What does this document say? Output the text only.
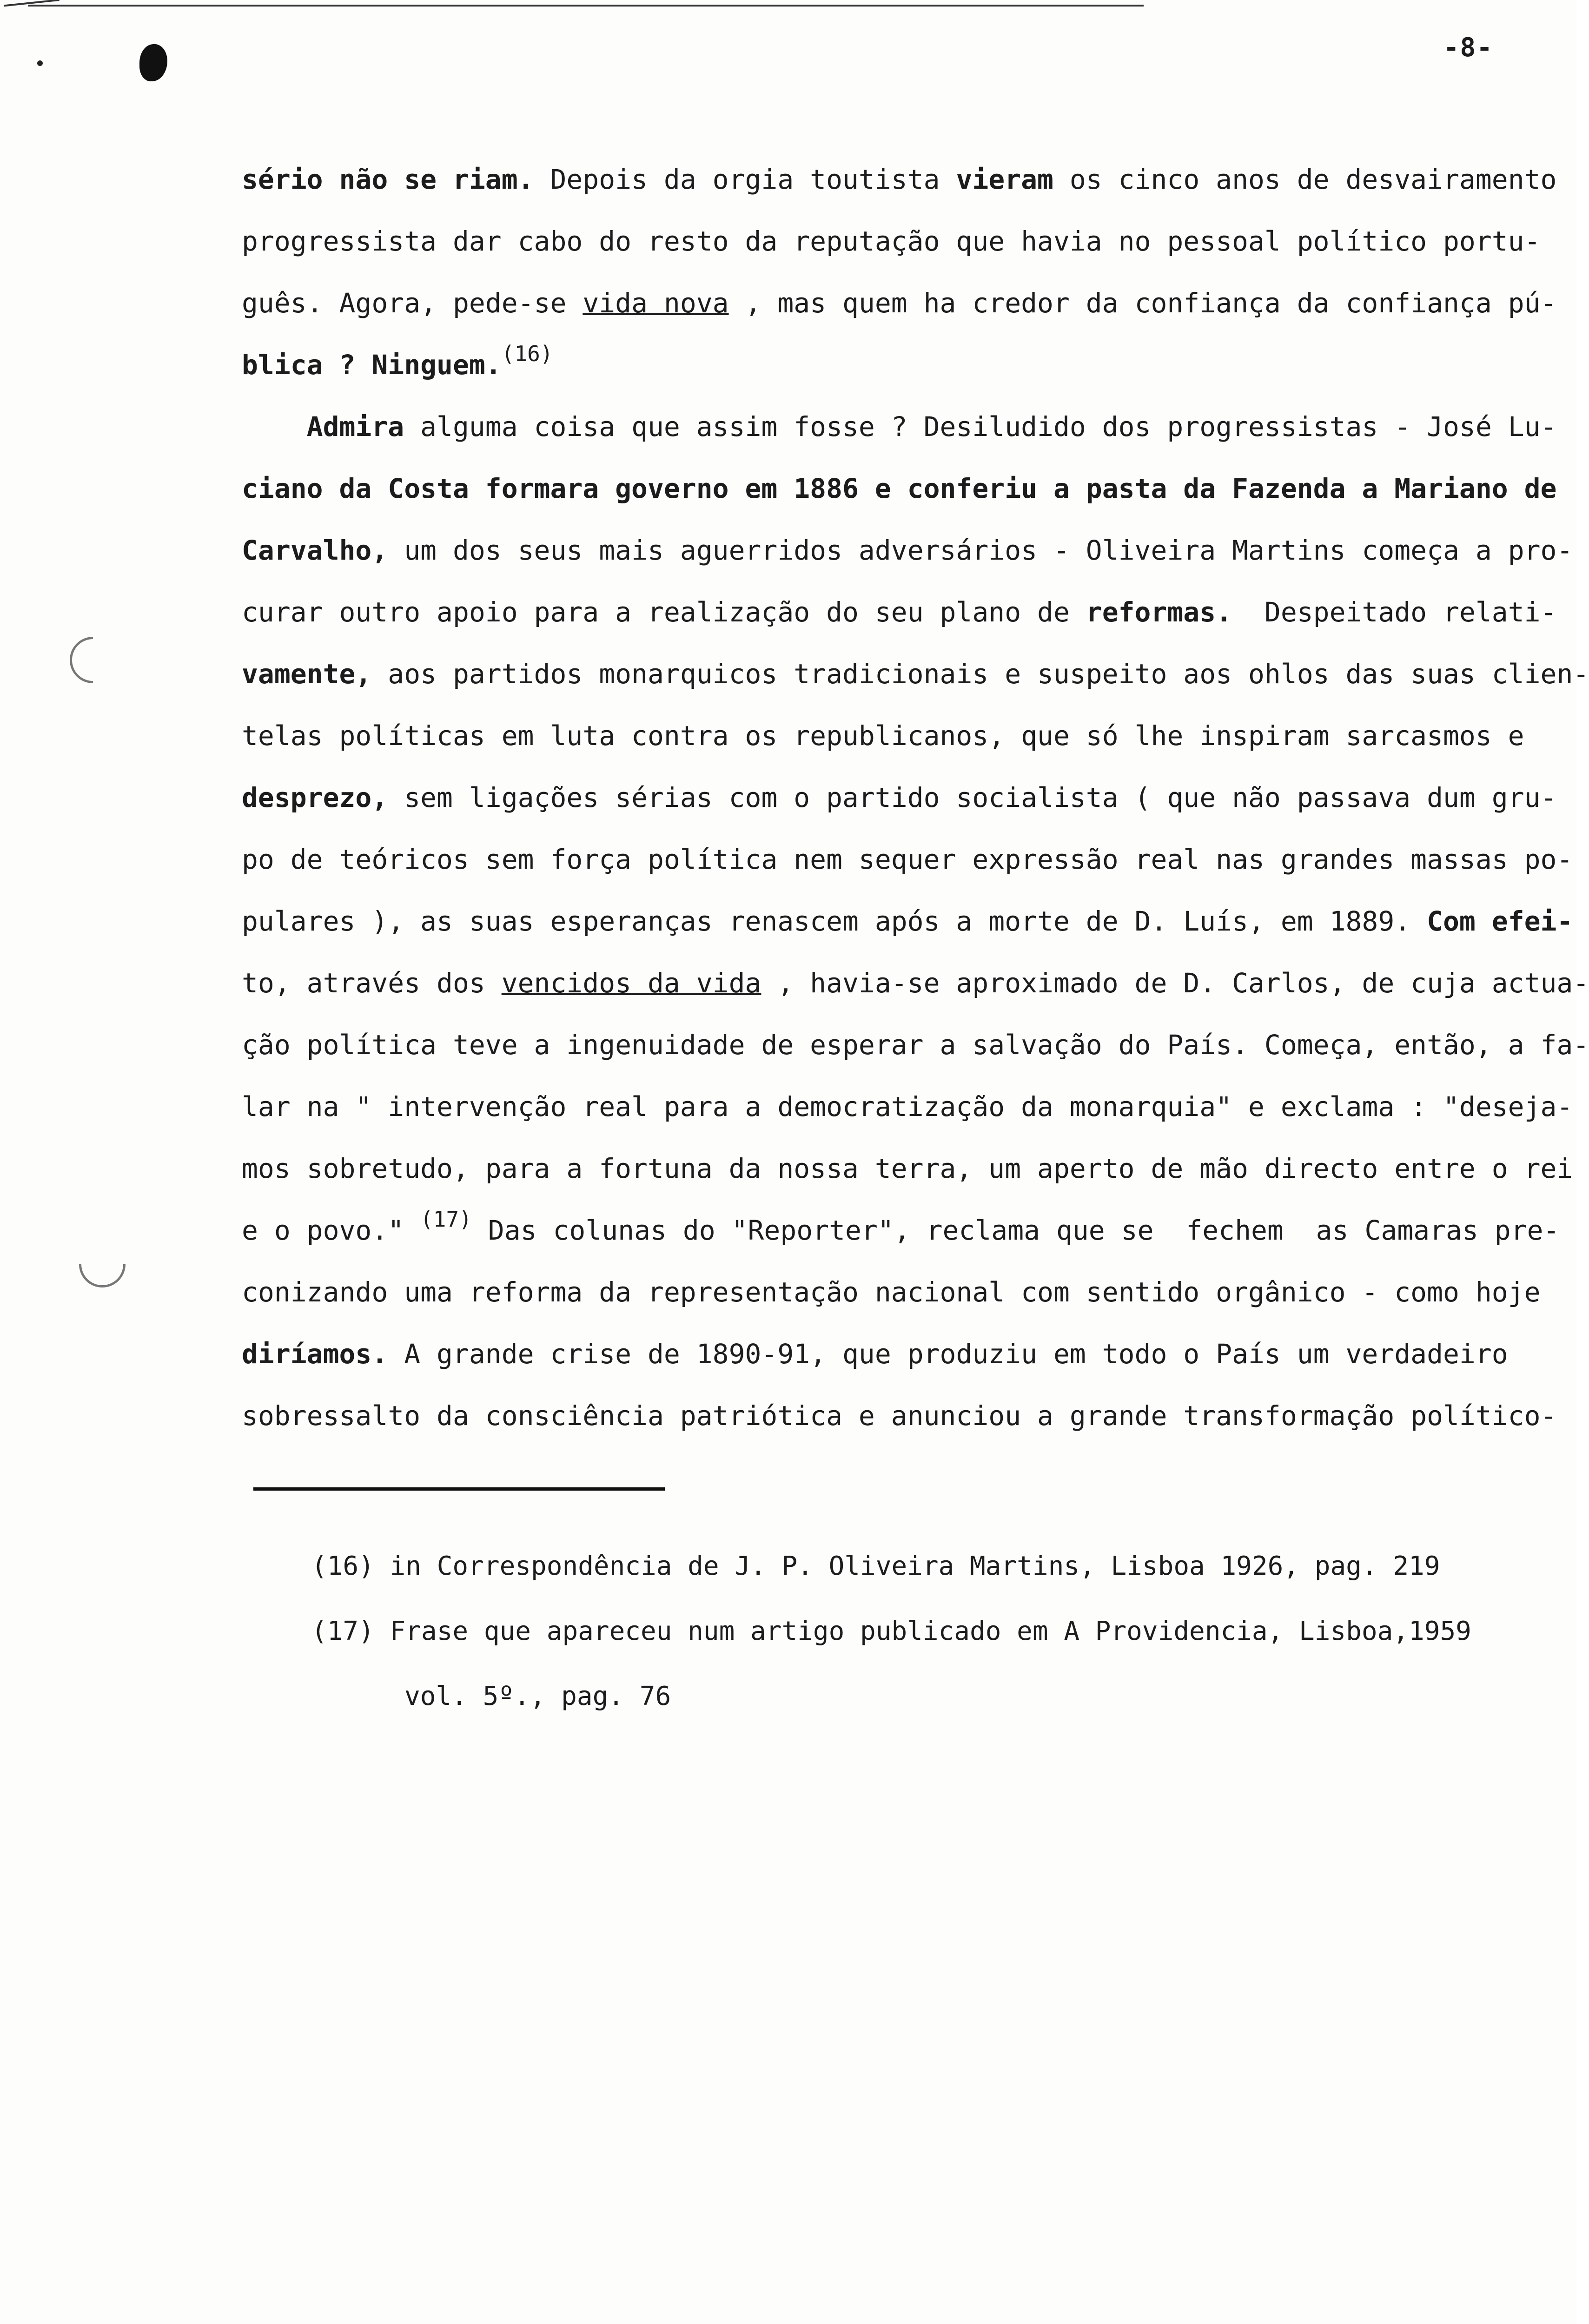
-8-
sério não se riam. Depois da orgia toutista vieram os cinco anos de desvairamento
progressista dar cabo do resto da reputação que havia no pessoal político portu-
guês. Agora, pede-se vida nova , mas quem ha credor da confiança da confiança pú-
blica ? Ninguem.$^{(16)}$
Admira alguma coisa que assim fosse ? Desiludido dos progressistas - José Lu-
ciano da Costa formara governo em 1886 e conferiu a pasta da Fazenda a Mariano de
Carvalho, um dos seus mais aguerridos adversários - Oliveira Martins começa a pro-
curar outro apoio para a realização do seu plano de reformas.  Despeitado relati-
vamente, aos partidos monarquicos tradicionais e suspeito aos ohlos das suas clien-
telas políticas em luta contra os republicanos, que só lhe inspiram sarcasmos e
desprezo, sem ligações sérias com o partido socialista ( que não passava dum gru-
po de teóricos sem força política nem sequer expressão real nas grandes massas po-
pulares ), as suas esperanças renascem após a morte de D. Luís, em 1889. Com efei-
to, através dos vencidos da vida , havia-se aproximado de D. Carlos, de cuja actua-
ção política teve a ingenuidade de esperar a salvação do País. Começa, então, a fa-
lar na " intervenção real para a democratização da monarquia" e exclama : "deseja-
mos sobretudo, para a fortuna da nossa terra, um aperto de mão directo entre o rei
e o povo." $^{(17)}$ Das colunas do "Reporter", reclama que se  fechem  as Camaras pre-
conizando uma reforma da representação nacional com sentido orgânico - como hoje
diríamos. A grande crise de 1890-91, que produziu em todo o País um verdadeiro
sobressalto da consciência patriótica e anunciou a grande transformação político-
(16) in Correspondência de J. P. Oliveira Martins, Lisboa 1926, pag. 219
(17) Frase que apareceu num artigo publicado em A Providencia, Lisboa,1959
vol. 5º., pag. 76
